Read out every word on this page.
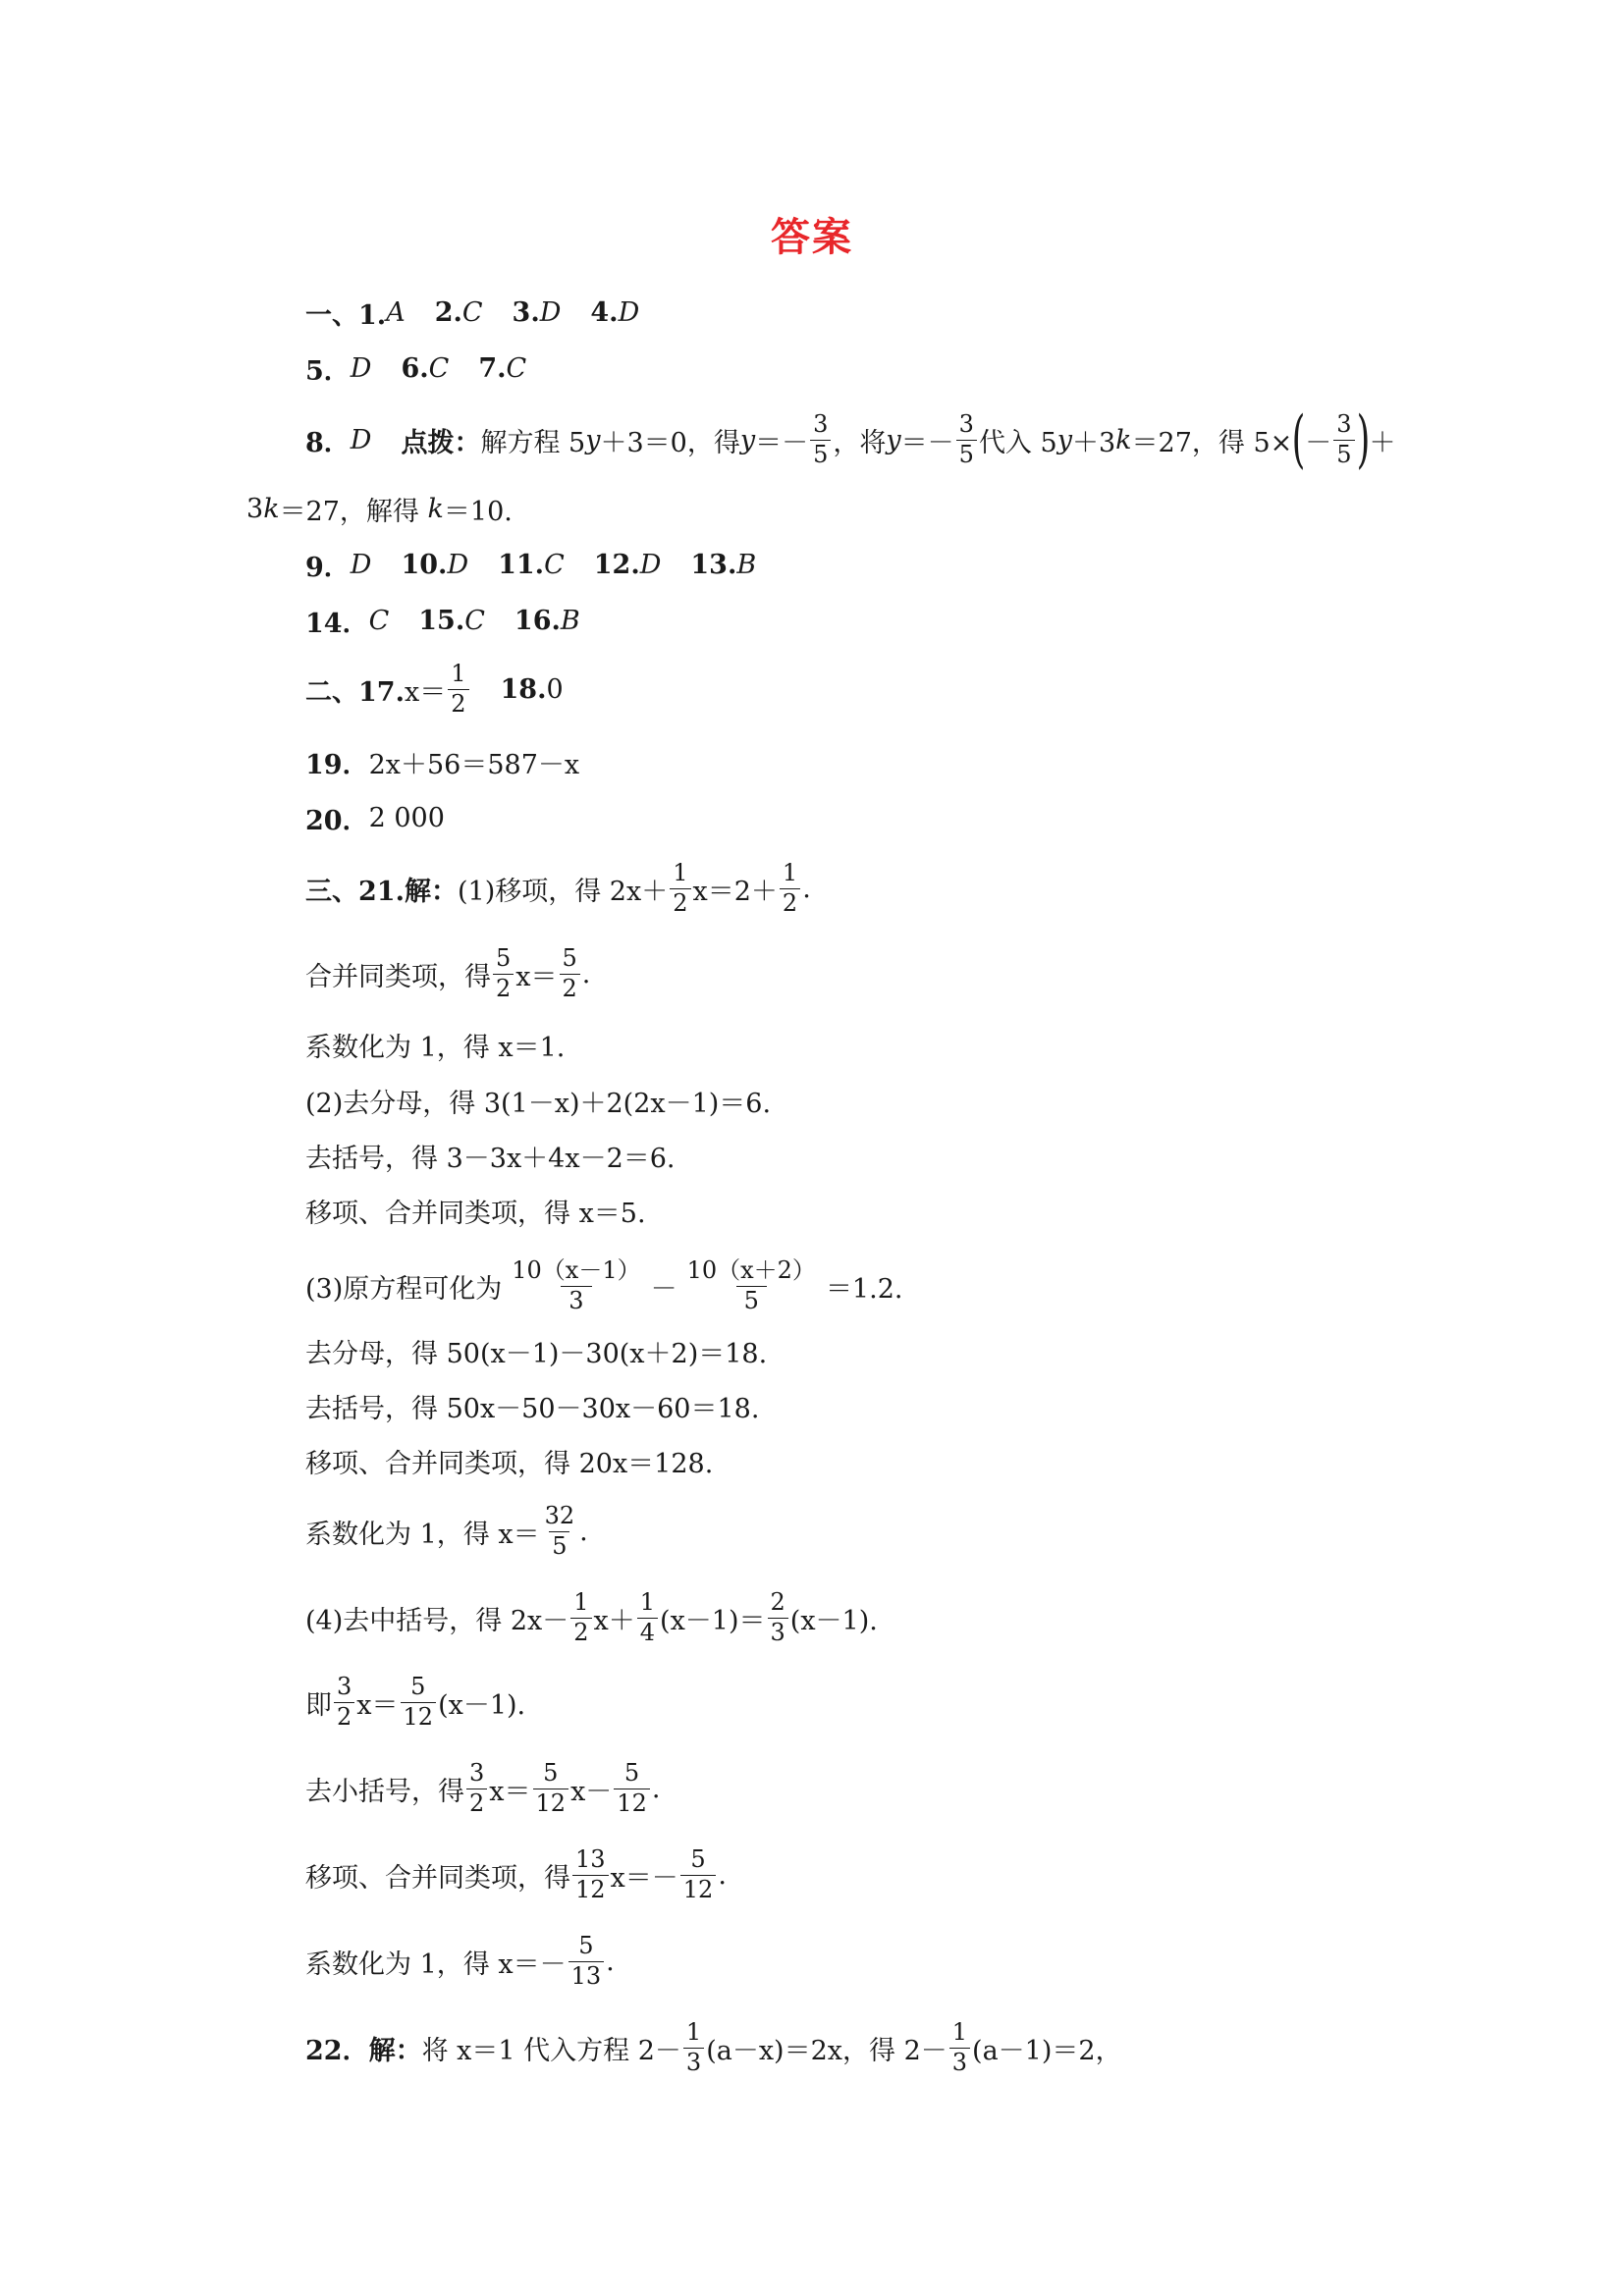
答案
一、1. A 2. C 3. D 4. D
5． D 6. C 7. C
8． D 点拨： 解方程 5 y ＋3＝0，得 $y =- \frac{3}{5}$ ，将 $y =- \frac{3}{5}$ 代入 5 y ＋3 k ＝27，得 5× ( － $\frac{3}{5}$ ) ＋
3 k ＝27，解得
k ＝10.
9． D 10. D 11. C 12. D 13. B
14． C 15. C 16. B
二、17. $x= \frac{1}{2} 18$. 0
19． 2x＋56＝587－x
20． 2 000
三、21.解： (1)移项，得 $2x+ \frac{1}{2} x=2+ \frac{1}{2}$ .
合并同类项，得 $\frac{5}{2} x= \frac{5}{2}$ .
系数化为 1，得 x＝1.
(2)去分母，得 3(1－x)＋2(2x－1)＝6.
去括号，得 3－3x＋4x－2＝6.
移项、合并同类项，得 x＝5.
(3)原方程可化为 $\frac{10(x-1)}{3} - \frac{10(x+2)}{5} =1.2$.
去分母，得 50(x－1)－30(x＋2)＝18.
去括号，得 50x－50－30x－60＝18.
移项、合并同类项，得 20x＝128.
系数化为 1，得 $x= \frac{32}{5}$ .
(4)去中括号，得 $2x- \frac{1}{2} x+ \frac{1}{4} (x-1)= \frac{2}{3} (x-1)$.
即 $\frac{3}{2} x= \frac{5}{12} (x-1)$.
去小括号，得 $\frac{3}{2} x= \frac{5}{12} x- \frac{5}{12}$ .
移项、合并同类项，得 $\frac{13}{12} x=- \frac{5}{12}$ .
系数化为 1，得 $x=- \frac{5}{13}$ .
22．解： 将 x＝1 代入方程 $2- \frac{1}{3} (a-x)=2x$，得 $2- \frac{1}{3} (a-1)=2$，
